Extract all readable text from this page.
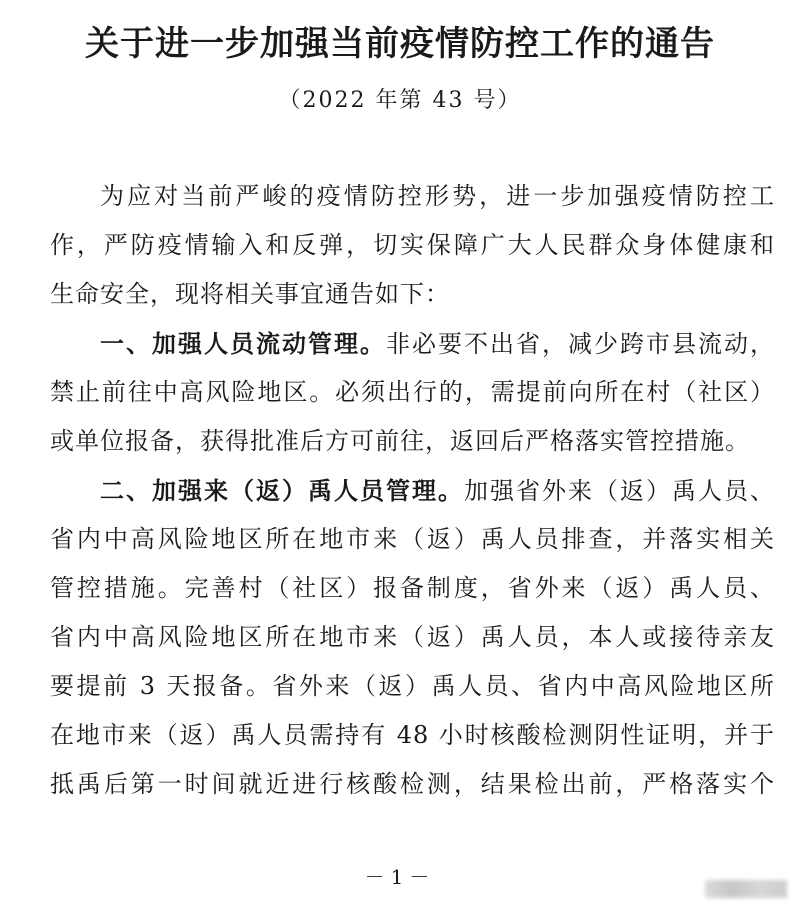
关于进一步加强当前疫情防控工作的通告
（2022 年第 43 号）
为应对当前严峻的疫情防控形势，进一步加强疫情防控工
作，严防疫情输入和反弹，切实保障广大人民群众身体健康和
生命安全，现将相关事宜通告如下：
一、加强人员流动管理。非必要不出省，减少跨市县流动，
禁止前往中高风险地区。必须出行的，需提前向所在村（社区）
或单位报备，获得批准后方可前往，返回后严格落实管控措施。
二、加强来（返）禹人员管理。加强省外来（返）禹人员、
省内中高风险地区所在地市来（返）禹人员排查，并落实相关
管控措施。完善村（社区）报备制度，省外来（返）禹人员、
省内中高风险地区所在地市来（返）禹人员，本人或接待亲友
要提前 3 天报备。省外来（返）禹人员、省内中高风险地区所
在地市来（返）禹人员需持有 48 小时核酸检测阴性证明，并于
抵禹后第一时间就近进行核酸检测，结果检出前，严格落实个
－1－
